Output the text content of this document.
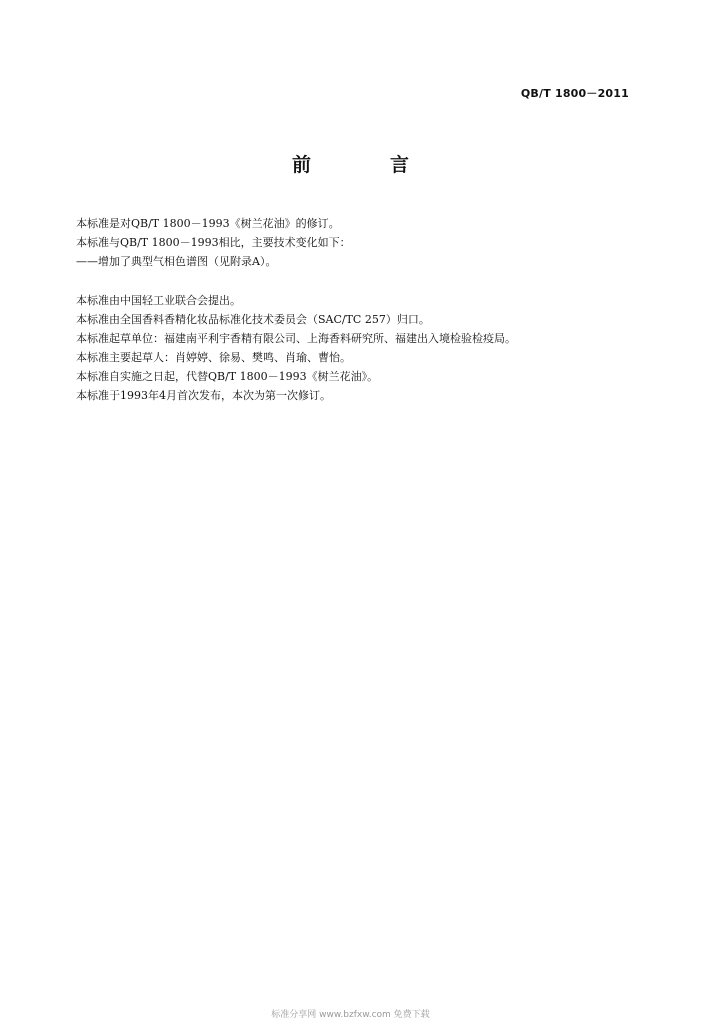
QB/T 1800－2011
前　言

本标准是对QB/T 1800－1993《树兰花油》的修订。

本标准与QB/T 1800－1993相比，主要技术变化如下：

——增加了典型气相色谱图（见附录A）。

本标准由中国轻工业联合会提出。

本标准由全国香料香精化妆品标准化技术委员会（SAC/TC 257）归口。

本标准起草单位：福建南平利宇香精有限公司、上海香料研究所、福建出入境检验检疫局。

本标准主要起草人：肖婷婷、徐易、樊鸣、肖瑜、曹怡。

本标准自实施之日起，代替QB/T 1800－1993《树兰花油》。

本标准于1993年4月首次发布，本次为第一次修订。

标准分享网 www.bzfxw.com 免费下载
